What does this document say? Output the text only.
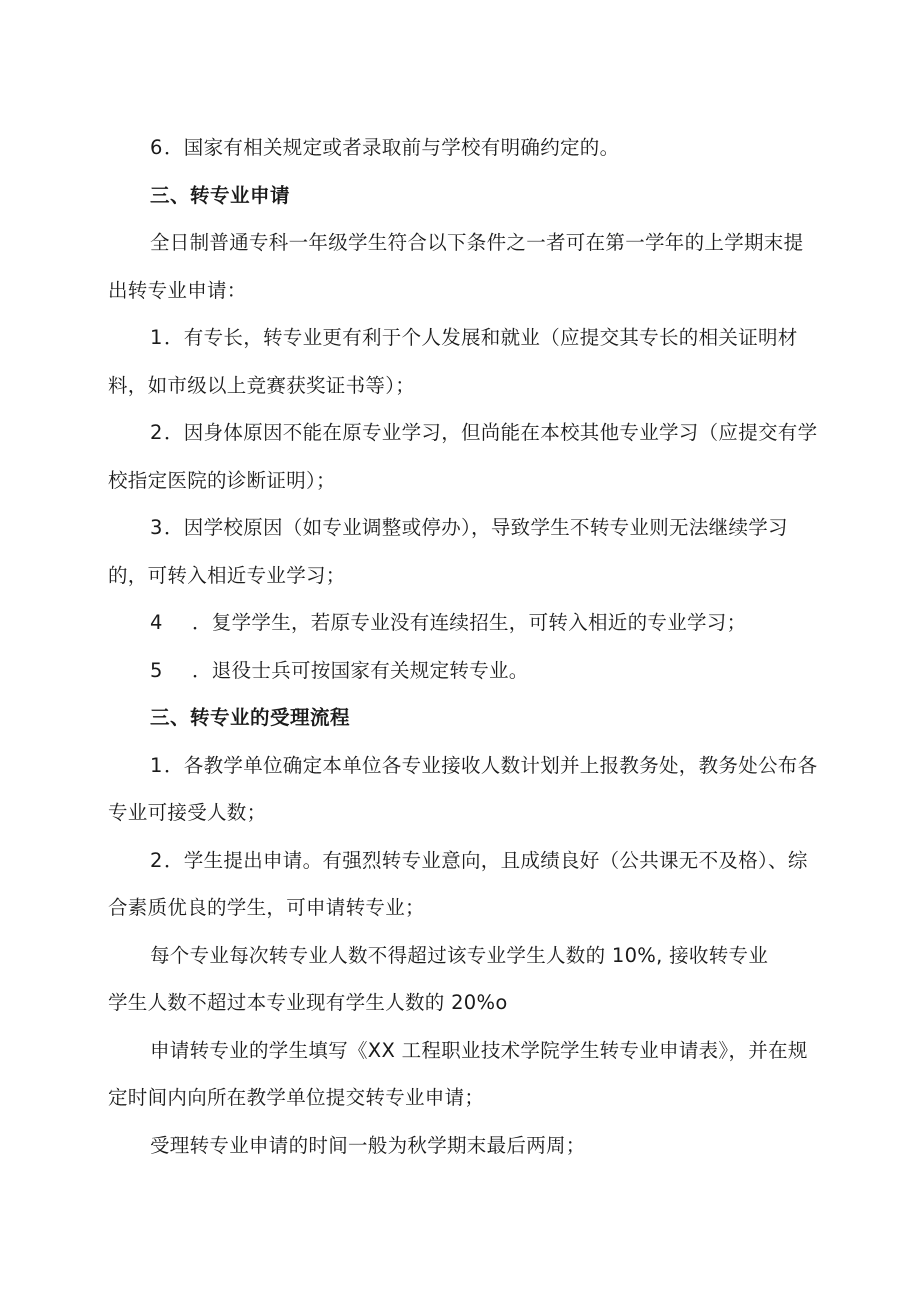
6．国家有相关规定或者录取前与学校有明确约定的。

三、转专业申请

全日制普通专科一年级学生符合以下条件之一者可在第一学年的上学期末提出转专业申请：

1．有专长，转专业更有利于个人发展和就业（应提交其专长的相关证明材料，如市级以上竞赛获奖证书等）；

2．因身体原因不能在原专业学习，但尚能在本校其他专业学习（应提交有学校指定医院的诊断证明）；

3．因学校原因（如专业调整或停办），导致学生不转专业则无法继续学习的，可转入相近专业学习；

4 ．复学学生，若原专业没有连续招生，可转入相近的专业学习；

5 ．退役士兵可按国家有关规定转专业。

三、转专业的受理流程

1．各教学单位确定本单位各专业接收人数计划并上报教务处，教务处公布各专业可接受人数；

2．学生提出申请。有强烈转专业意向，且成绩良好（公共课无不及格）、综合素质优良的学生，可申请转专业；

每个专业每次转专业人数不得超过该专业学生人数的 10%, 接收转专业

学生人数不超过本专业现有学生人数的 20%o

申请转专业的学生填写《XX 工程职业技术学院学生转专业申请表》，并在规定时间内向所在教学单位提交转专业申请；

受理转专业申请的时间一般为秋学期末最后两周；
